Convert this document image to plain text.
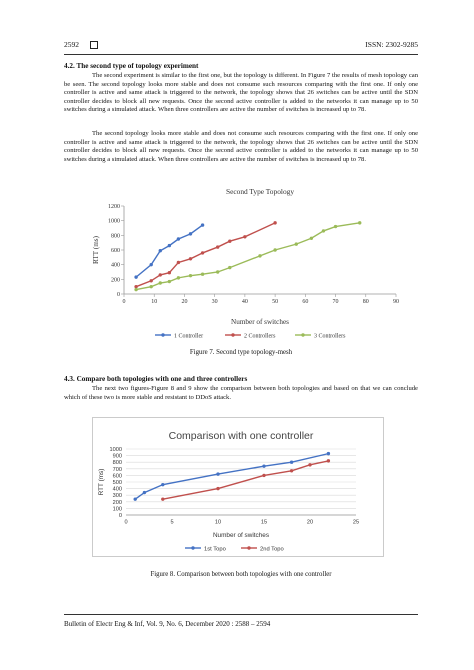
2592	ISSN: 2302-9285
4.2. The second type of topology experiment

The second experiment is similar to the first one, but the topology is different. In Figure 7 the results of mesh topology can be seen. The second topology looks more stable and does not consume such resources comparing with the first one. If only one controller is active and same attack is triggered to the network, the topology shows that 26 switches can be active until the SDN controller decides to block all new requests. Once the second active controller is added to the networks it can manage up to 50 switches during a simulated attack. When three controllers are active the number of switches is increased up to 78.

The second topology looks more stable and does not consume such resources comparing with the first one. If only one controller is active and same attack is triggered to the network, the topology shows that 26 switches can be active until the SDN controller decides to block all new requests. Once the second active controller is added to the networks it can manage up to 50 switches during a simulated attack. When three controllers are active the number of switches is increased up to 78.

Second Type Topology
0
200
400
600
800
1000
1200
0	10	20	30	40	50	60	70	80	90
Number of switches
RTT (ms)
1 Controller	2 Controllers	3 Controllers
Figure 7. Second type topology-mesh
4.3. Compare both topologies with one and three controllers

The next two figures-Figure 8 and 9 show the comparison between both topologies and based on that we can conclude which of these two is more stable and resistant to DDoS attack.

Comparison with one controller
0
100
200
300
400
500
600
700
800
900
1000
0	5	10	15	20	25
Number of switches
RTT (ms)
1st Topo	2nd Topo
Figure 8. Comparison between both topologies with one controller
Bulletin of Electr Eng & Inf, Vol. 9, No. 6, December 2020 : 2588 – 2594
